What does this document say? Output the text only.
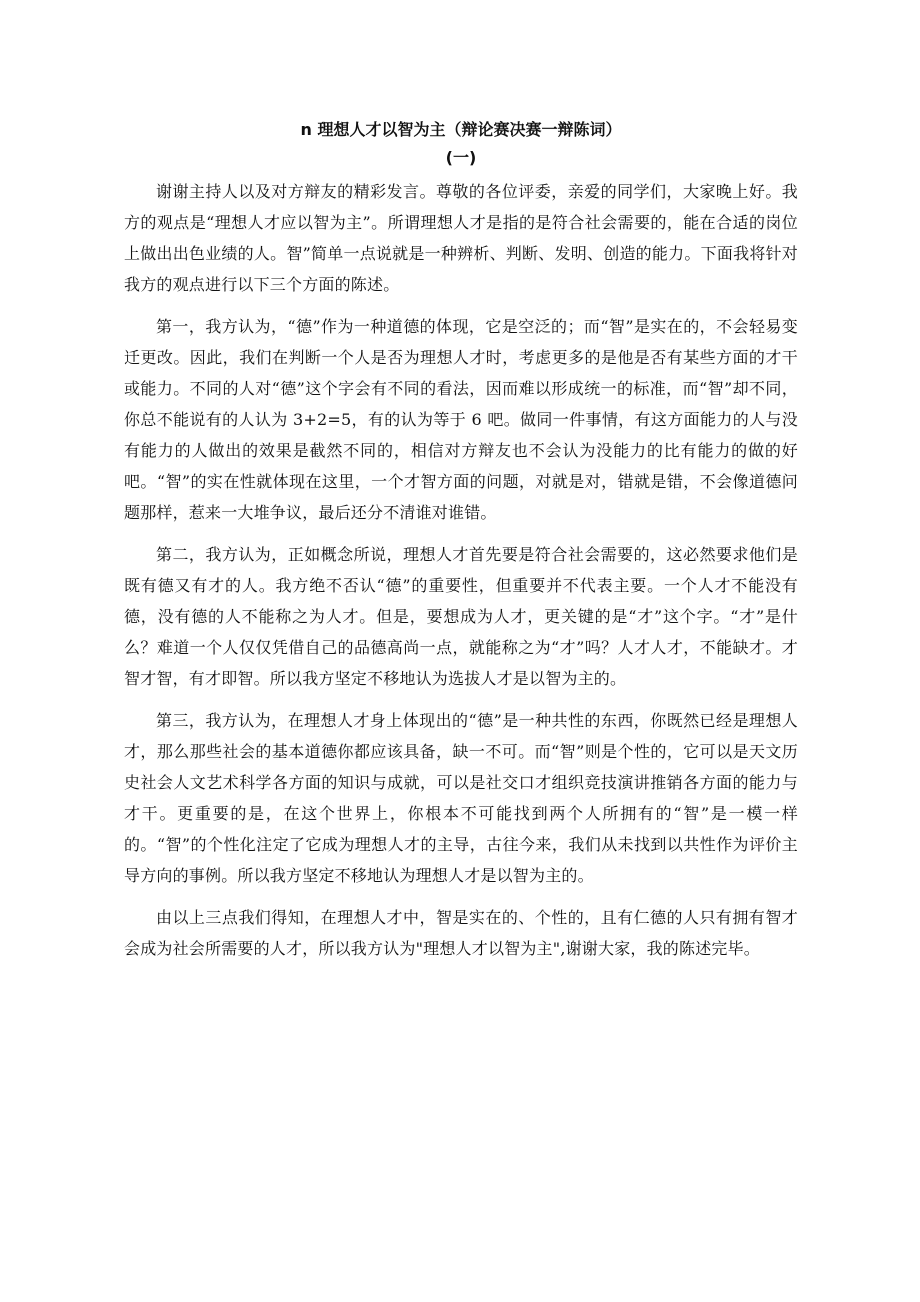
n 理想人才以智为主（辩论赛决赛一辩陈词）

(一)

谢谢主持人以及对方辩友的精彩发言。尊敬的各位评委，亲爱的同学们，大家晚上好。我方的观点是“理想人才应以智为主”。所谓理想人才是指的是符合社会需要的，能在合适的岗位上做出出色业绩的人。智”简单一点说就是一种辨析、判断、发明、创造的能力。下面我将针对我方的观点进行以下三个方面的陈述。

第一，我方认为，“德”作为一种道德的体现，它是空泛的；而“智”是实在的，不会轻易变迁更改。因此，我们在判断一个人是否为理想人才时，考虑更多的是他是否有某些方面的才干或能力。不同的人对“德”这个字会有不同的看法，因而难以形成统一的标准，而“智”却不同，你总不能说有的人认为 3+2=5，有的认为等于 6 吧。做同一件事情，有这方面能力的人与没有能力的人做出的效果是截然不同的，相信对方辩友也不会认为没能力的比有能力的做的好吧。“智”的实在性就体现在这里，一个才智方面的问题，对就是对，错就是错，不会像道德问题那样，惹来一大堆争议，最后还分不清谁对谁错。

第二，我方认为，正如概念所说，理想人才首先要是符合社会需要的，这必然要求他们是既有德又有才的人。我方绝不否认“德”的重要性，但重要并不代表主要。一个人才不能没有德，没有德的人不能称之为人才。但是，要想成为人才，更关键的是“才”这个字。“才”是什么？难道一个人仅仅凭借自己的品德高尚一点，就能称之为“才”吗？人才人才，不能缺才。才智才智，有才即智。所以我方坚定不移地认为选拔人才是以智为主的。

第三，我方认为，在理想人才身上体现出的“德”是一种共性的东西，你既然已经是理想人才，那么那些社会的基本道德你都应该具备，缺一不可。而“智”则是个性的，它可以是天文历史社会人文艺术科学各方面的知识与成就，可以是社交口才组织竞技演讲推销各方面的能力与才干。更重要的是，在这个世界上，你根本不可能找到两个人所拥有的“智”是一模一样的。“智”的个性化注定了它成为理想人才的主导，古往今来，我们从未找到以共性作为评价主导方向的事例。所以我方坚定不移地认为理想人才是以智为主的。

由以上三点我们得知，在理想人才中，智是实在的、个性的，且有仁德的人只有拥有智才会成为社会所需要的人才，所以我方认为"理想人才以智为主",谢谢大家，我的陈述完毕。
